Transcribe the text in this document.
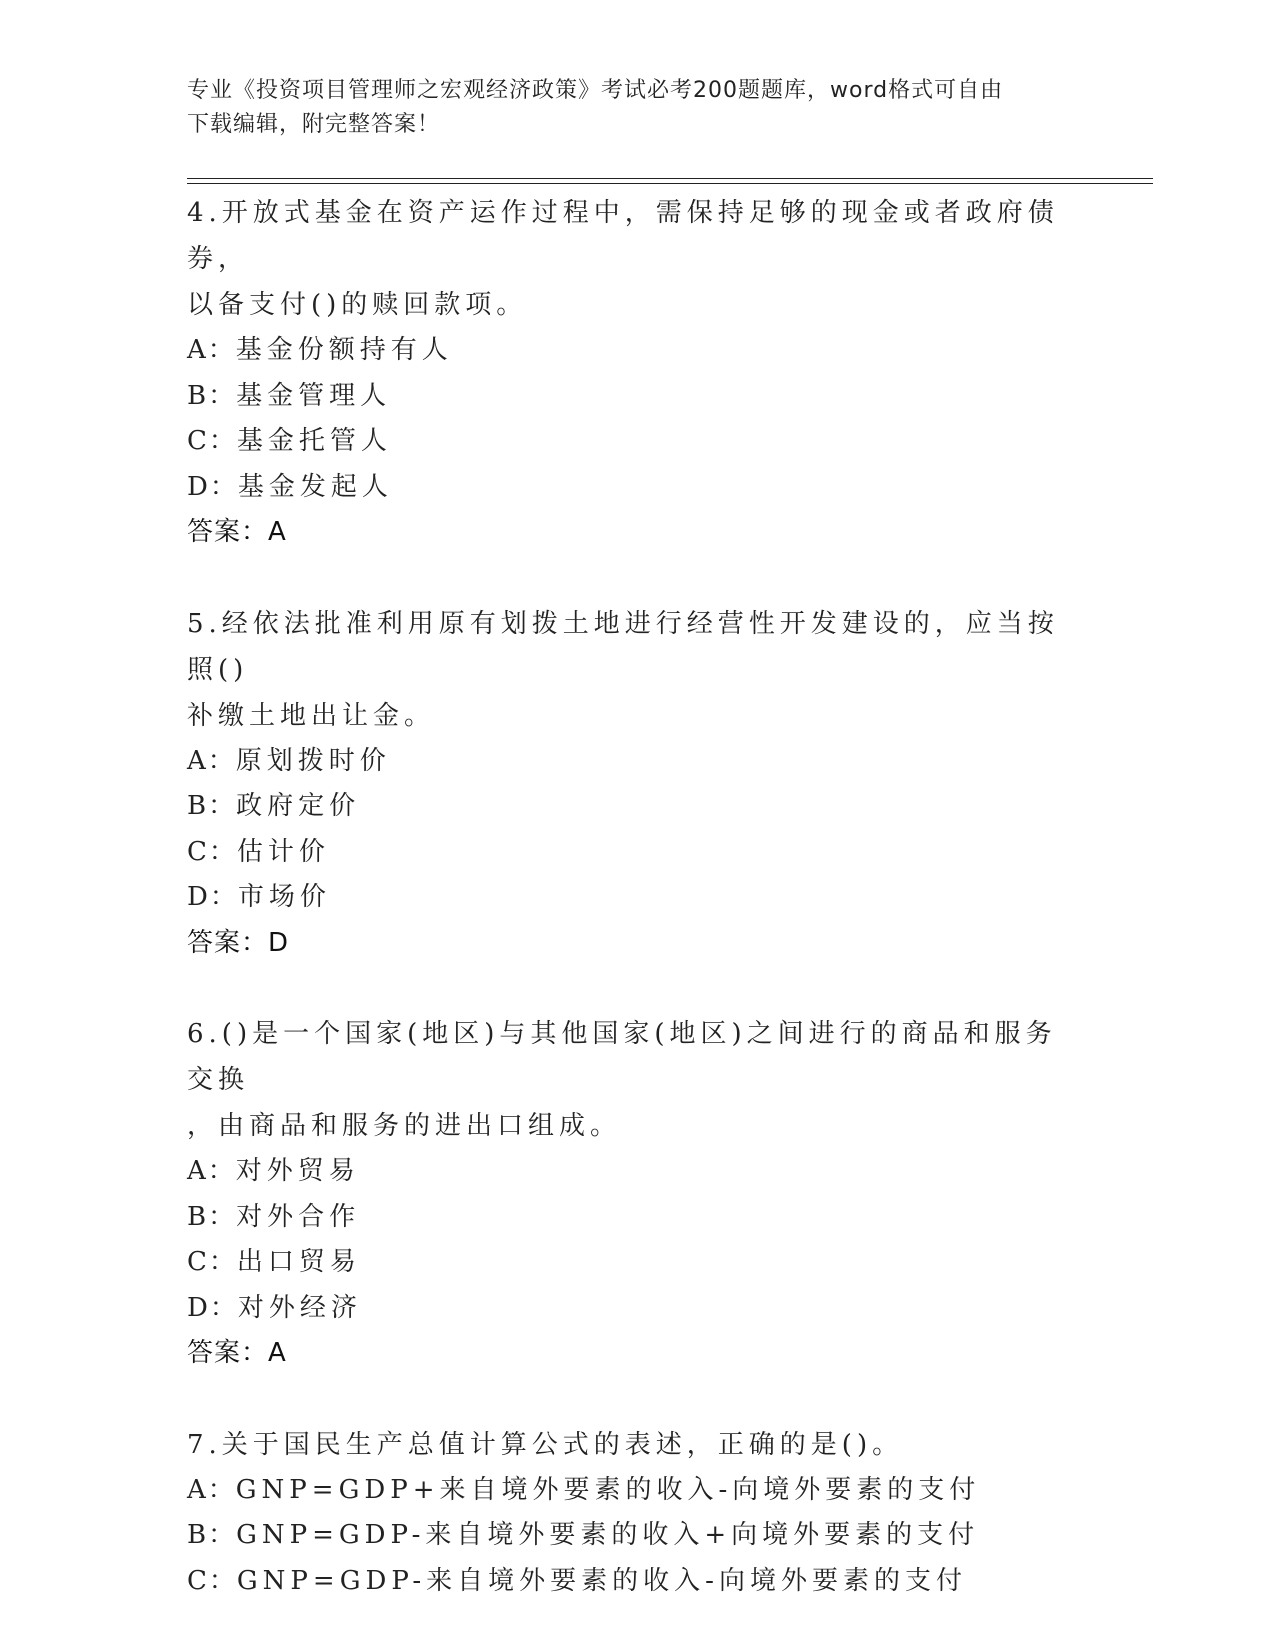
专业《投资项目管理师之宏观经济政策》考试必考200题题库，word格式可自由
下载编辑，附完整答案！
4.开放式基金在资产运作过程中，需保持足够的现金或者政府债券，
以备支付()的赎回款项。
A：基金份额持有人
B：基金管理人
C：基金托管人
D：基金发起人
答案：A
5.经依法批准利用原有划拨土地进行经营性开发建设的，应当按照()
补缴土地出让金。
A：原划拨时价
B：政府定价
C：估计价
D：市场价
答案：D
6.()是一个国家(地区)与其他国家(地区)之间进行的商品和服务交换
，由商品和服务的进出口组成。
A：对外贸易
B：对外合作
C：出口贸易
D：对外经济
答案：A
7.关于国民生产总值计算公式的表述，正确的是()。
A：GNP=GDP+来自境外要素的收入-向境外要素的支付
B：GNP=GDP-来自境外要素的收入+向境外要素的支付
C：GNP=GDP-来自境外要素的收入-向境外要素的支付
